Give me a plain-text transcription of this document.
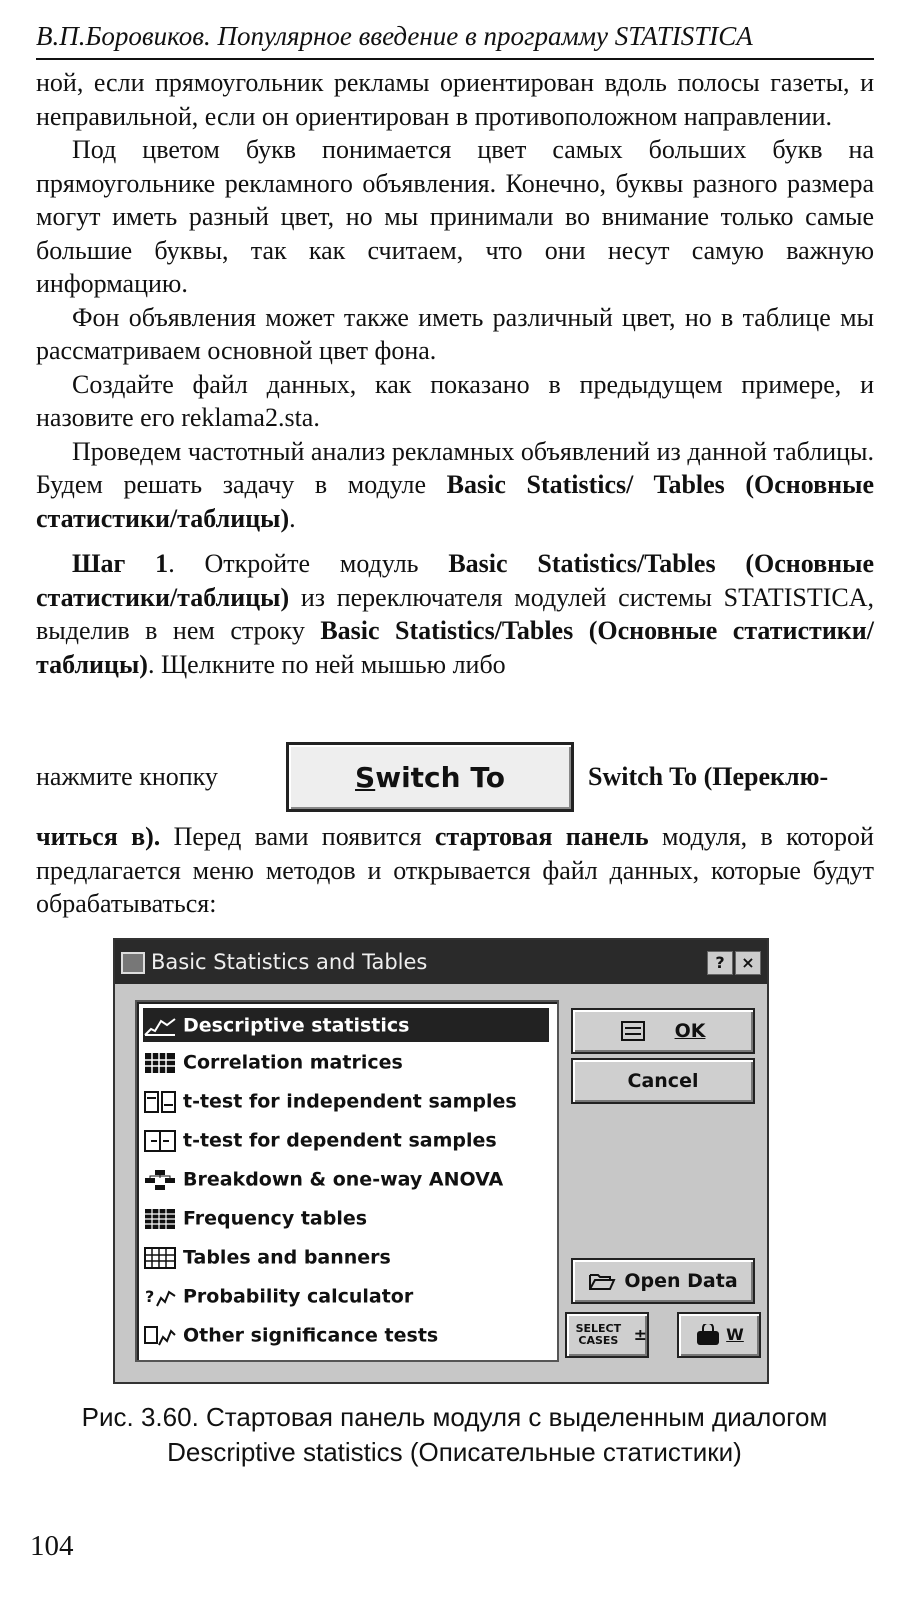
В.П.Боровиков. Популярное введение в программу STATISTICA

ной, если прямоугольник рекламы ориентирован вдоль полосы газеты, и неправильной, если он ориентирован в противоположном направлении.

Под цветом букв понимается цвет самых больших букв на прямоугольнике рекламного объявления. Конечно, буквы разного размера могут иметь разный цвет, но мы принимали во внимание только самые большие буквы, так как считаем, что они несут самую важную информацию.

Фон объявления может также иметь различный цвет, но в таблице мы рассматриваем основной цвет фона.

Создайте файл данных, как показано в предыдущем примере, и назовите его reklama2.sta.

Проведем частотный анализ рекламных объявлений из данной таблицы. Будем решать задачу в модуле Basic Statistics/ Tables (Основные статистики/таблицы).

Шаг 1. Откройте модуль Basic Statistics/Tables (Основные статистики/таблицы) из переключателя модулей системы STATISTICA, выделив в нем строку Basic Statistics/Tables (Основные статистики/таблицы). Щелкните по ней мышью либо

нажмите кнопку	S witch To	Switch To (Переклю-

читься в). Перед вами появится стартовая панель модуля, в которой предлагается меню методов и открывается файл данных, которые будут обрабатываться:

Basic Statistics and Tables	?	×
Descriptive statistics
Correlation matrices
t-test for independent samples
t-test for dependent samples
Breakdown & one-way ANOVA
Frequency tables
Tables and banners
? Probability calculator
Other significance tests
OK
Cancel
Open Data
SELECT CASES
±	W
Рис. 3.60. Стартовая панель модуля с выделенным диалогом
Descriptive statistics (Описательные статистики)
104
